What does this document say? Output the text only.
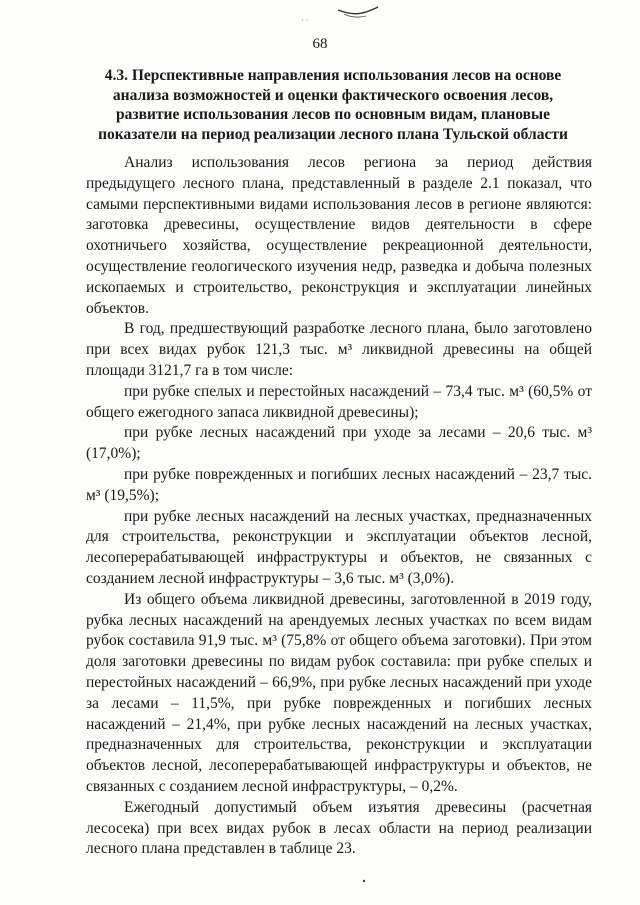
· ·
68
4.3. Перспективные направления использования лесов на основе анализа возможностей и оценки фактического освоения лесов, развитие использования лесов по основным видам, плановые показатели на период реализации лесного плана Тульской области

Анализ использования лесов региона за период действия предыдущего лесного плана, представленный в разделе 2.1 показал, что самыми перспективными видами использования лесов в регионе являются: заготовка древесины, осуществление видов деятельности в сфере охотничьего хозяйства, осуществление рекреационной деятельности, осуществление геологического изучения недр, разведка и добыча полезных ископаемых и строительство, реконструкция и эксплуатации линейных объектов.

В год, предшествующий разработке лесного плана, было заготовлено при всех видах рубок 121,3 тыс. м³ ликвидной древесины на общей площади 3121,7 га в том числе:

при рубке спелых и перестойных насаждений – 73,4 тыс. м³ (60,5% от общего ежегодного запаса ликвидной древесины);

при рубке лесных насаждений при уходе за лесами – 20,6 тыс. м³ (17,0%);

при рубке поврежденных и погибших лесных насаждений – 23,7 тыс. м³ (19,5%);

при рубке лесных насаждений на лесных участках, предназначенных для строительства, реконструкции и эксплуатации объектов лесной, лесоперерабатывающей инфраструктуры и объектов, не связанных с созданием лесной инфраструктуры – 3,6 тыс. м³ (3,0%).

Из общего объема ликвидной древесины, заготовленной в 2019 году, рубка лесных насаждений на арендуемых лесных участках по всем видам рубок составила 91,9 тыс. м³ (75,8% от общего объема заготовки). При этом доля заготовки древесины по видам рубок составила: при рубке спелых и перестойных насаждений – 66,9%, при рубке лесных насаждений при уходе за лесами – 11,5%, при рубке поврежденных и погибших лесных насаждений – 21,4%, при рубке лесных насаждений на лесных участках, предназначенных для строительства, реконструкции и эксплуатации объектов лесной, лесоперерабатывающей инфраструктуры и объектов, не связанных с созданием лесной инфраструктуры, – 0,2%.

Ежегодный допустимый объем изъятия древесины (расчетная лесосека) при всех видах рубок в лесах области на период реализации лесного плана представлен в таблице 23.
